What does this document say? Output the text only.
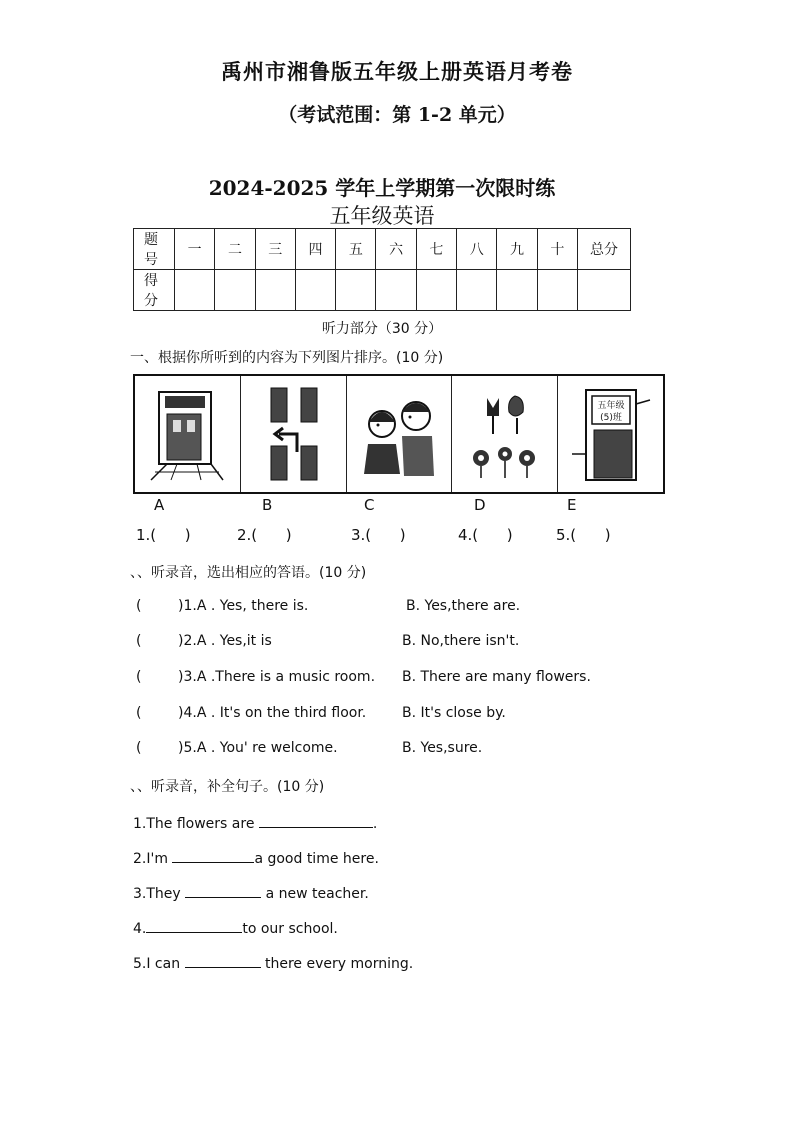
禹州市湘鲁版五年级上册英语月考卷
（考试范围：第 1-2 单元）
2024-2025 学年上学期第一次限时练
五年级英语
题 号	一	二	三	四	五	六	七	八	九	十	总分
得 分											
听力部分（30 分）
一、根据你所听到的内容为下列图片排序。(10 分)
五年级
(5)班
A	B	C	D	E
1.(      )	2.(      )	3.(      )	4.(      )	5.(      )
、、听录音，选出相应的答语。(10 分)
(	)1.A . Yes, there is.	B. Yes,there are.
(	)2.A . Yes,it is	B. No,there isn't.
(	)3.A .There is a music room. B. There are many flowers.
(	)4.A . It's on the third floor.	B. It's close by.
(	)5.A . You' re welcome.	B. Yes,sure.
、、听录音，补全句子。(10 分)
1.The flowers are	.
2.I'm	a good time here.
3.They	a new teacher.
4.	to our school.
5.I can	there every morning.
